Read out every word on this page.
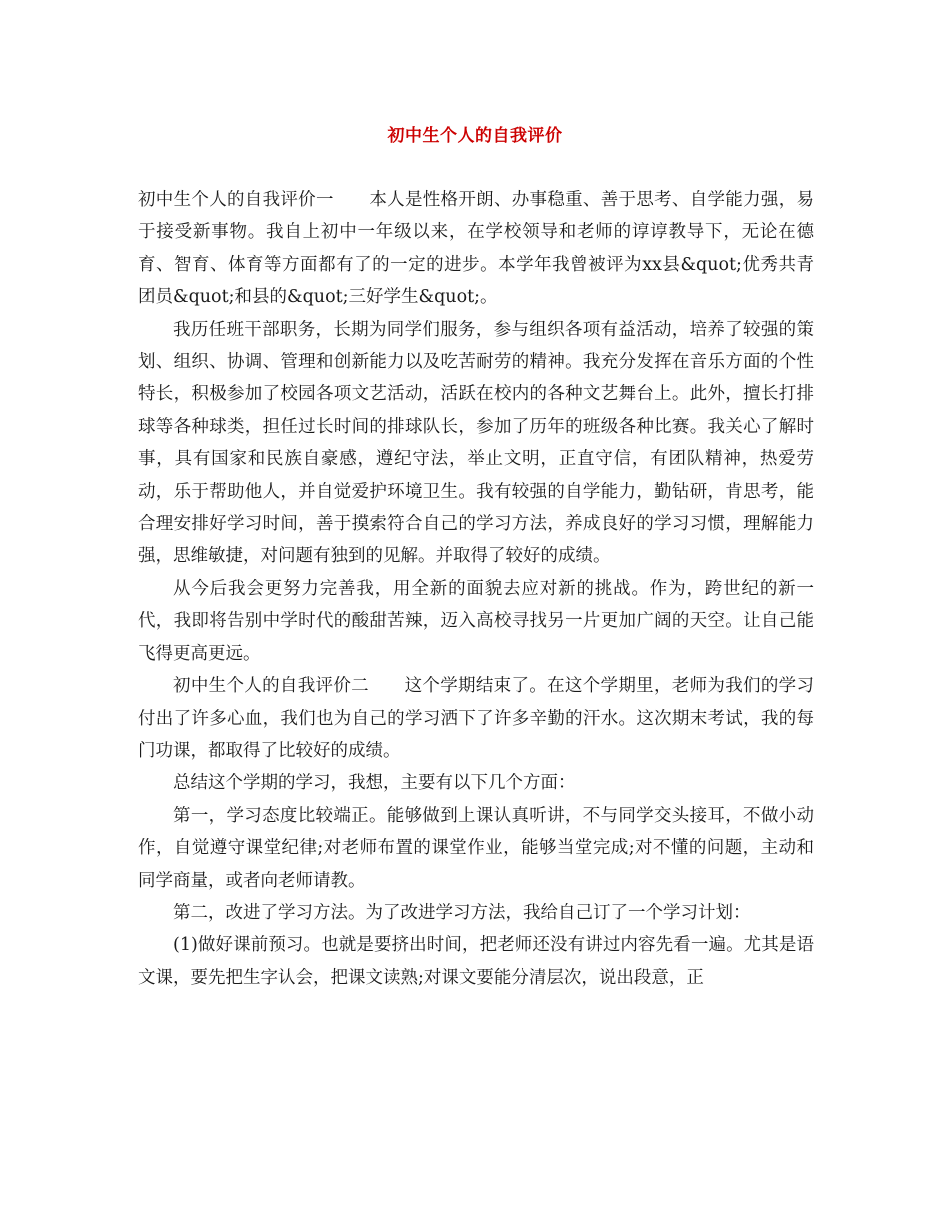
初中生个人的自我评价

初中生个人的自我评价一　　本人是性格开朗、办事稳重、善于思考、自学能力强，易于接受新事物。我自上初中一年级以来，在学校领导和老师的谆谆教导下，无论在德育、智育、体育等方面都有了的一定的进步。本学年我曾被评为xx县&quot;优秀共青团员&quot;和县的&quot;三好学生&quot;。

我历任班干部职务，长期为同学们服务，参与组织各项有益活动，培养了较强的策划、组织、协调、管理和创新能力以及吃苦耐劳的精神。我充分发挥在音乐方面的个性特长，积极参加了校园各项文艺活动，活跃在校内的各种文艺舞台上。此外，擅长打排球等各种球类，担任过长时间的排球队长，参加了历年的班级各种比赛。我关心了解时事，具有国家和民族自豪感，遵纪守法，举止文明，正直守信，有团队精神，热爱劳动，乐于帮助他人，并自觉爱护环境卫生。我有较强的自学能力，勤钻研，肯思考，能合理安排好学习时间，善于摸索符合自己的学习方法，养成良好的学习习惯，理解能力强，思维敏捷，对问题有独到的见解。并取得了较好的成绩。

从今后我会更努力完善我，用全新的面貌去应对新的挑战。作为，跨世纪的新一代，我即将告别中学时代的酸甜苦辣，迈入高校寻找另一片更加广阔的天空。让自己能飞得更高更远。

初中生个人的自我评价二　　这个学期结束了。在这个学期里，老师为我们的学习付出了许多心血，我们也为自己的学习洒下了许多辛勤的汗水。这次期末考试，我的每门功课，都取得了比较好的成绩。

总结这个学期的学习，我想，主要有以下几个方面：

第一，学习态度比较端正。能够做到上课认真听讲，不与同学交头接耳，不做小动作，自觉遵守课堂纪律;对老师布置的课堂作业，能够当堂完成;对不懂的问题，主动和同学商量，或者向老师请教。

第二，改进了学习方法。为了改进学习方法，我给自己订了一个学习计划：

(1)做好课前预习。也就是要挤出时间，把老师还没有讲过内容先看一遍。尤其是语文课，要先把生字认会，把课文读熟;对课文要能分清层次，说出段意，正
